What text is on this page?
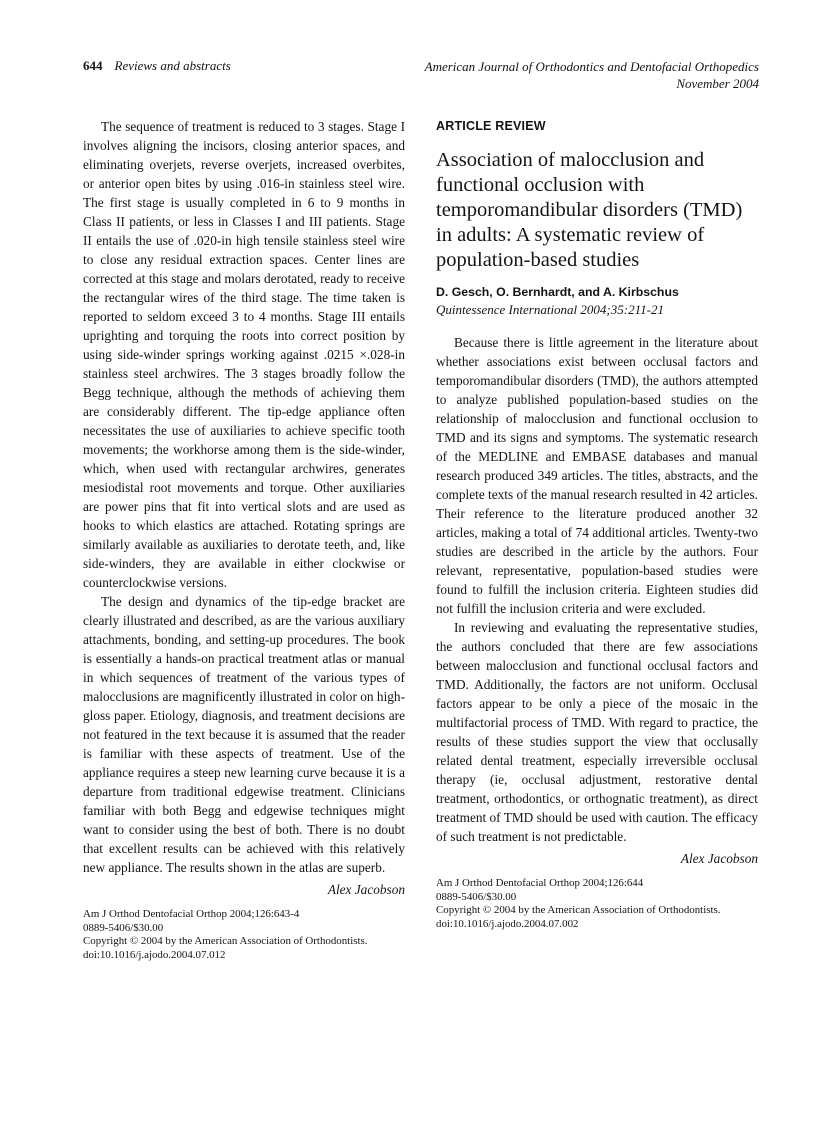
644 Reviews and abstracts	American Journal of Orthodontics and Dentofacial Orthopedics
November 2004

The sequence of treatment is reduced to 3 stages. Stage I involves aligning the incisors, closing anterior spaces, and eliminating overjets, reverse overjets, increased overbites, or anterior open bites by using .016-in stainless steel wire. The first stage is usually completed in 6 to 9 months in Class II patients, or less in Classes I and III patients. Stage II entails the use of .020-in high tensile stainless steel wire to close any residual extraction spaces. Center lines are corrected at this stage and molars derotated, ready to receive the rectangular wires of the third stage. The time taken is reported to seldom exceed 3 to 4 months. Stage III entails uprighting and torquing the roots into correct position by using side-winder springs working against .0215 ×.028-in stainless steel archwires. The 3 stages broadly follow the Begg technique, although the methods of achieving them are considerably different. The tip-edge appliance often necessitates the use of auxiliaries to achieve specific tooth movements; the workhorse among them is the side-winder, which, when used with rectangular archwires, generates mesiodistal root movements and torque. Other auxiliaries are power pins that fit into vertical slots and are used as hooks to which elastics are attached. Rotating springs are similarly available as auxiliaries to derotate teeth, and, like side-winders, they are available in either clockwise or counterclockwise versions.

The design and dynamics of the tip-edge bracket are clearly illustrated and described, as are the various auxiliary attachments, bonding, and setting-up procedures. The book is essentially a hands-on practical treatment atlas or manual in which sequences of treatment of the various types of malocclusions are magnificently illustrated in color on high-gloss paper. Etiology, diagnosis, and treatment decisions are not featured in the text because it is assumed that the reader is familiar with these aspects of treatment. Use of the appliance requires a steep new learning curve because it is a departure from traditional edgewise treatment. Clinicians familiar with both Begg and edgewise techniques might want to consider using the best of both. There is no doubt that excellent results can be achieved with this relatively new appliance. The results shown in the atlas are superb.

Alex Jacobson
Am J Orthod Dentofacial Orthop 2004;126:643-4
0889-5406/$30.00
Copyright © 2004 by the American Association of Orthodontists.
doi:10.1016/j.ajodo.2004.07.012
ARTICLE REVIEW
Association of malocclusion and functional occlusion with temporomandibular disorders (TMD) in adults: A systematic review of population-based studies
D. Gesch, O. Bernhardt, and A. Kirbschus
Quintessence International 2004;35:211-21

Because there is little agreement in the literature about whether associations exist between occlusal factors and temporomandibular disorders (TMD), the authors attempted to analyze published population-based studies on the relationship of malocclusion and functional occlusion to TMD and its signs and symptoms. The systematic research of the MEDLINE and EMBASE databases and manual research produced 349 articles. The titles, abstracts, and the complete texts of the manual research resulted in 42 articles. Their reference to the literature produced another 32 articles, making a total of 74 additional articles. Twenty-two studies are described in the article by the authors. Four relevant, representative, population-based studies were found to fulfill the inclusion criteria. Eighteen studies did not fulfill the inclusion criteria and were excluded.

In reviewing and evaluating the representative studies, the authors concluded that there are few associations between malocclusion and functional occlusal factors and TMD. Additionally, the factors are not uniform. Occlusal factors appear to be only a piece of the mosaic in the multifactorial process of TMD. With regard to practice, the results of these studies support the view that occlusally related dental treatment, especially irreversible occlusal therapy (ie, occlusal adjustment, restorative dental treatment, orthodontics, or orthognatic treatment), as direct treatment of TMD should be used with caution. The efficacy of such treatment is not predictable.

Alex Jacobson
Am J Orthod Dentofacial Orthop 2004;126:644
0889-5406/$30.00
Copyright © 2004 by the American Association of Orthodontists.
doi:10.1016/j.ajodo.2004.07.002
